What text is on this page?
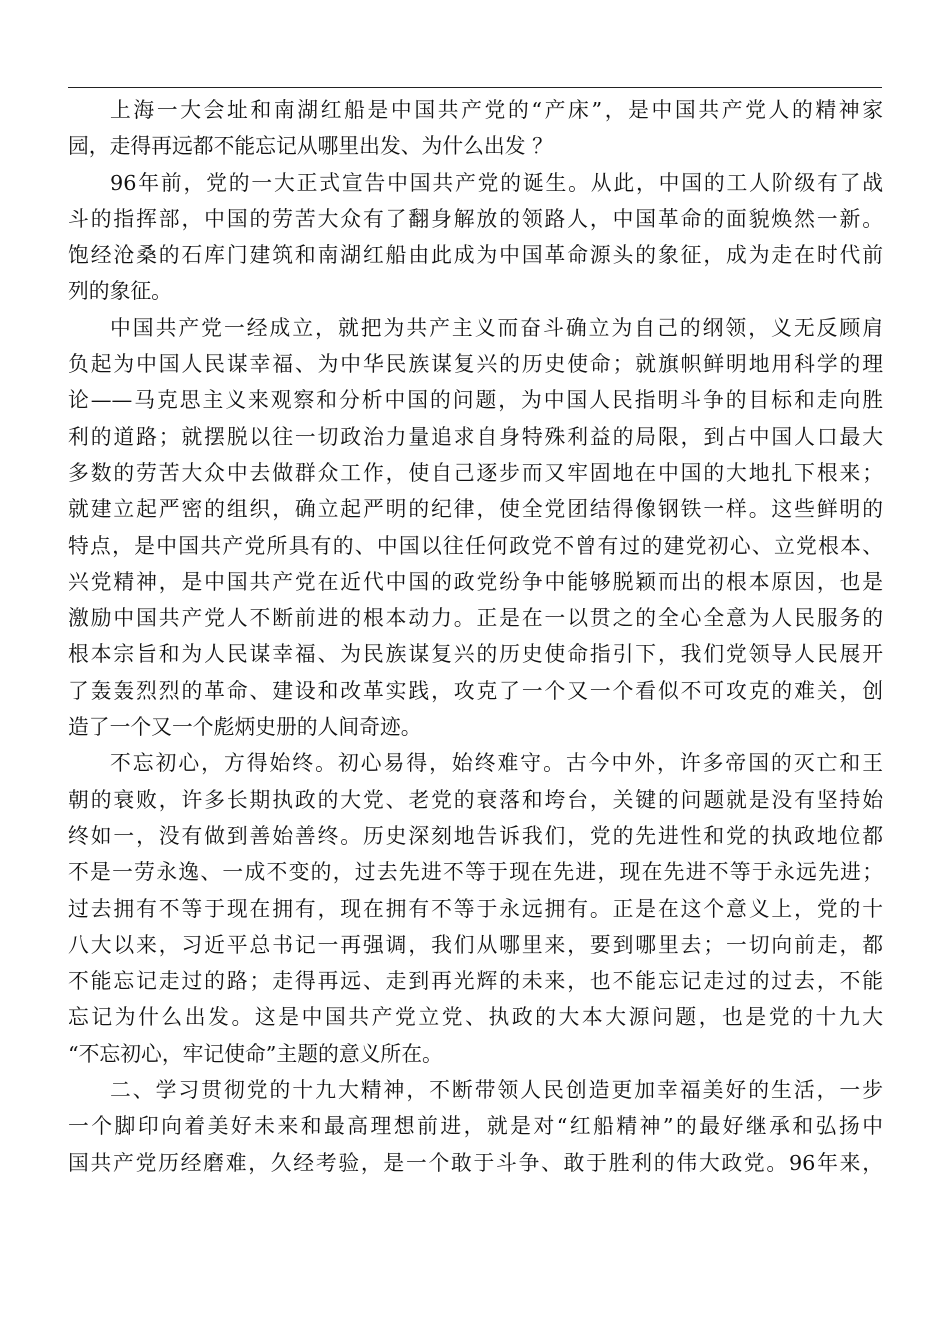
上海一大会址和南湖红船是中国共产党的“产床”，是中国共产党人的精神家
园，走得再远都不能忘记从哪里出发、为什么出发 ？
96年前，党的一大正式宣告中国共产党的诞生。从此，中国的工人阶级有了战
斗的指挥部，中国的劳苦大众有了翻身解放的领路人，中国革命的面貌焕然一新。
饱经沧桑的石库门建筑和南湖红船由此成为中国革命源头的象征，成为走在时代前
列的象征。
中国共产党一经成立，就把为共产主义而奋斗确立为自己的纲领，义无反顾肩
负起为中国人民谋幸福、为中华民族谋复兴的历史使命；就旗帜鲜明地用科学的理
论——马克思主义来观察和分析中国的问题，为中国人民指明斗争的目标和走向胜
利的道路；就摆脱以往一切政治力量追求自身特殊利益的局限，到占中国人口最大
多数的劳苦大众中去做群众工作，使自己逐步而又牢固地在中国的大地扎下根来；
就建立起严密的组织，确立起严明的纪律，使全党团结得像钢铁一样。这些鲜明的
特点，是中国共产党所具有的、中国以往任何政党不曾有过的建党初心、立党根本、
兴党精神，是中国共产党在近代中国的政党纷争中能够脱颖而出的根本原因，也是
激励中国共产党人不断前进的根本动力。正是在一以贯之的全心全意为人民服务的
根本宗旨和为人民谋幸福、为民族谋复兴的历史使命指引下，我们党领导人民展开
了轰轰烈烈的革命、建设和改革实践，攻克了一个又一个看似不可攻克的难关，创
造了一个又一个彪炳史册的人间奇迹。
不忘初心，方得始终。初心易得，始终难守。古今中外，许多帝国的灭亡和王
朝的衰败，许多长期执政的大党、老党的衰落和垮台，关键的问题就是没有坚持始
终如一，没有做到善始善终。历史深刻地告诉我们，党的先进性和党的执政地位都
不是一劳永逸、一成不变的，过去先进不等于现在先进，现在先进不等于永远先进；
过去拥有不等于现在拥有，现在拥有不等于永远拥有。正是在这个意义上，党的十
八大以来，习近平总书记一再强调，我们从哪里来，要到哪里去；一切向前走，都
不能忘记走过的路；走得再远、走到再光辉的未来，也不能忘记走过的过去，不能
忘记为什么出发。这是中国共产党立党、执政的大本大源问题，也是党的十九大
“不忘初心，牢记使命”主题的意义所在。
二、学习贯彻党的十九大精神，不断带领人民创造更加幸福美好的生活，一步
一个脚印向着美好未来和最高理想前进，就是对“红船精神”的最好继承和弘扬中
国共产党历经磨难，久经考验，是一个敢于斗争、敢于胜利的伟大政党。96年来，
